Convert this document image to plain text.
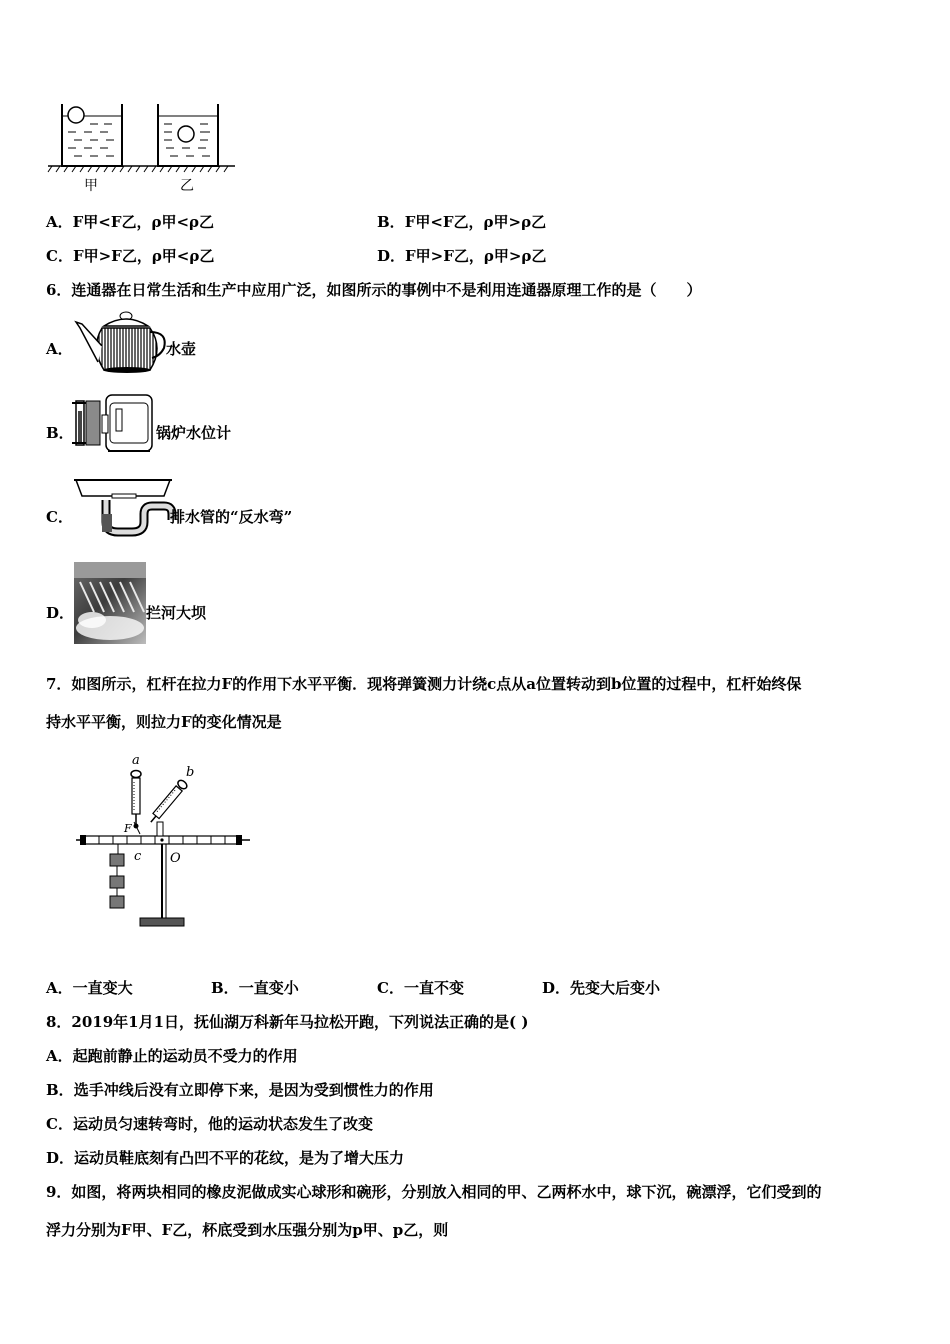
甲	乙
A．F甲<F乙，ρ甲<ρ乙	B．F甲<F乙，ρ甲>ρ乙
C．F甲>F乙，ρ甲<ρ乙	D．F甲>F乙，ρ甲>ρ乙
6．连通器在日常生活和生产中应用广泛，如图所示的事例中不是利用连通器原理工作的是（　　）
A．	水壶
B．	锅炉水位计
C．	排水管的“反水弯”
D．	拦河大坝
7．如图所示，杠杆在拉力F的作用下水平平衡．现将弹簧测力计绕c点从a位置转动到b位置的过程中，杠杆始终保
持水平平衡，则拉力F的变化情况是
a
b
F
c O
A．一直变大	B．一直变小	C．一直不变	D．先变大后变小
8．2019年1月1日，抚仙湖万科新年马拉松开跑，下列说法正确的是( )
A．起跑前静止的运动员不受力的作用
B．选手冲线后没有立即停下来，是因为受到惯性力的作用
C．运动员匀速转弯时，他的运动状态发生了改变
D．运动员鞋底刻有凸凹不平的花纹，是为了增大压力
9．如图，将两块相同的橡皮泥做成实心球形和碗形，分别放入相同的甲、乙两杯水中，球下沉，碗漂浮，它们受到的
浮力分别为F甲、F乙，杯底受到水压强分别为p甲、p乙，则
